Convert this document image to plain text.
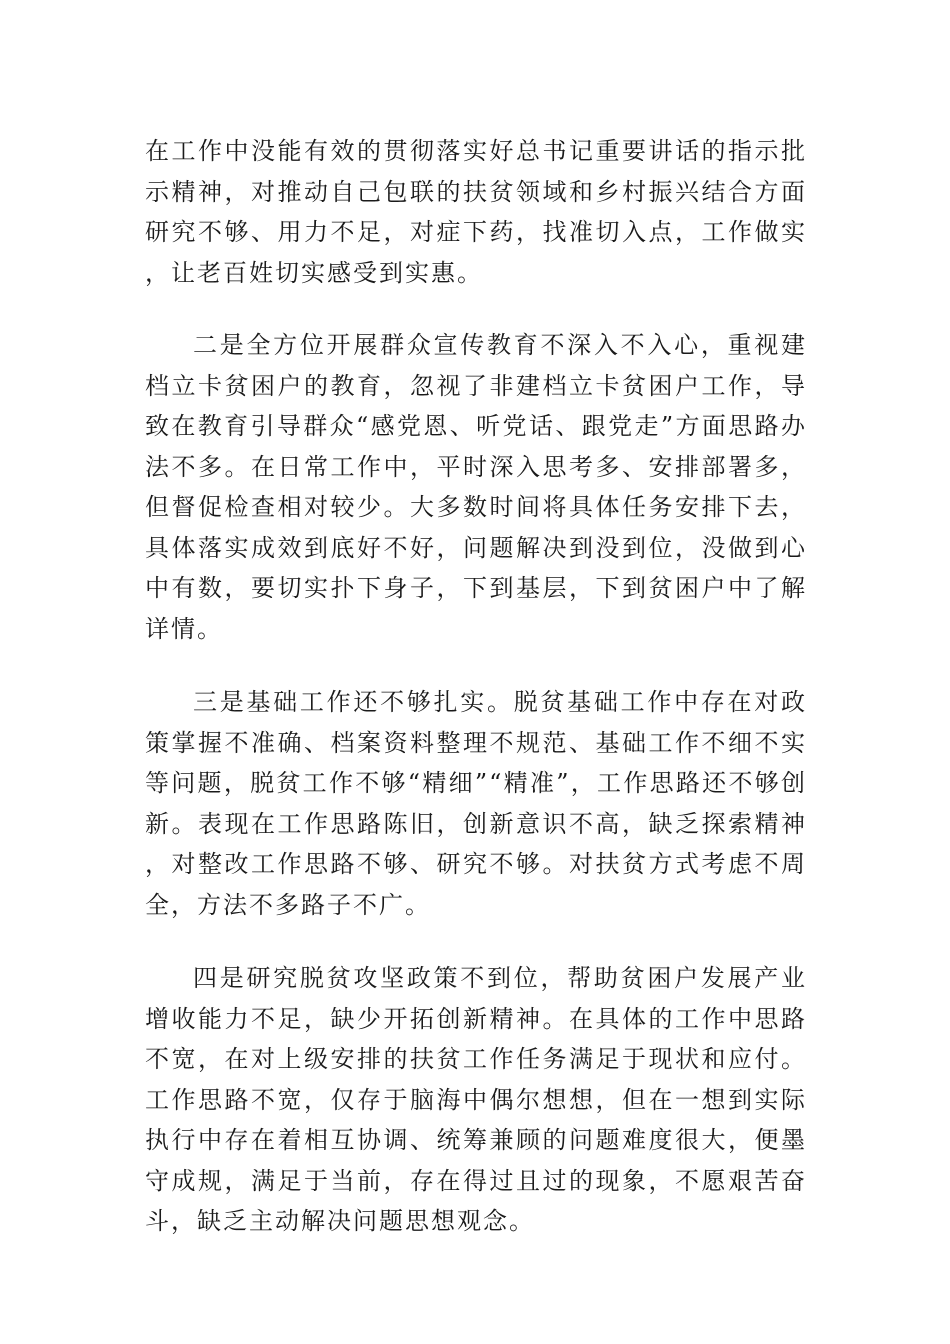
在工作中没能有效的贯彻落实好总书记重要讲话的指示批示精神，对推动自己包联的扶贫领域和乡村振兴结合方面研究不够、用力不足，对症下药，找准切入点，工作做实，让老百姓切实感受到实惠。

二是全方位开展群众宣传教育不深入不入心，重视建档立卡贫困户的教育，忽视了非建档立卡贫困户工作，导致在教育引导群众“感党恩、听党话、跟党走”方面思路办法不多。在日常工作中，平时深入思考多、安排部署多，但督促检查相对较少。大多数时间将具体任务安排下去，具体落实成效到底好不好，问题解决到没到位，没做到心中有数，要切实扑下身子，下到基层，下到贫困户中了解详情。

三是基础工作还不够扎实。脱贫基础工作中存在对政策掌握不准确、档案资料整理不规范、基础工作不细不实等问题，脱贫工作不够“精细”“精准”，工作思路还不够创新。表现在工作思路陈旧，创新意识不高，缺乏探索精神，对整改工作思路不够、研究不够。对扶贫方式考虑不周全，方法不多路子不广。

四是研究脱贫攻坚政策不到位，帮助贫困户发展产业增收能力不足，缺少开拓创新精神。在具体的工作中思路不宽，在对上级安排的扶贫工作任务满足于现状和应付。工作思路不宽，仅存于脑海中偶尔想想，但在一想到实际执行中存在着相互协调、统筹兼顾的问题难度很大，便墨守成规，满足于当前，存在得过且过的现象，不愿艰苦奋斗，缺乏主动解决问题思想观念。
